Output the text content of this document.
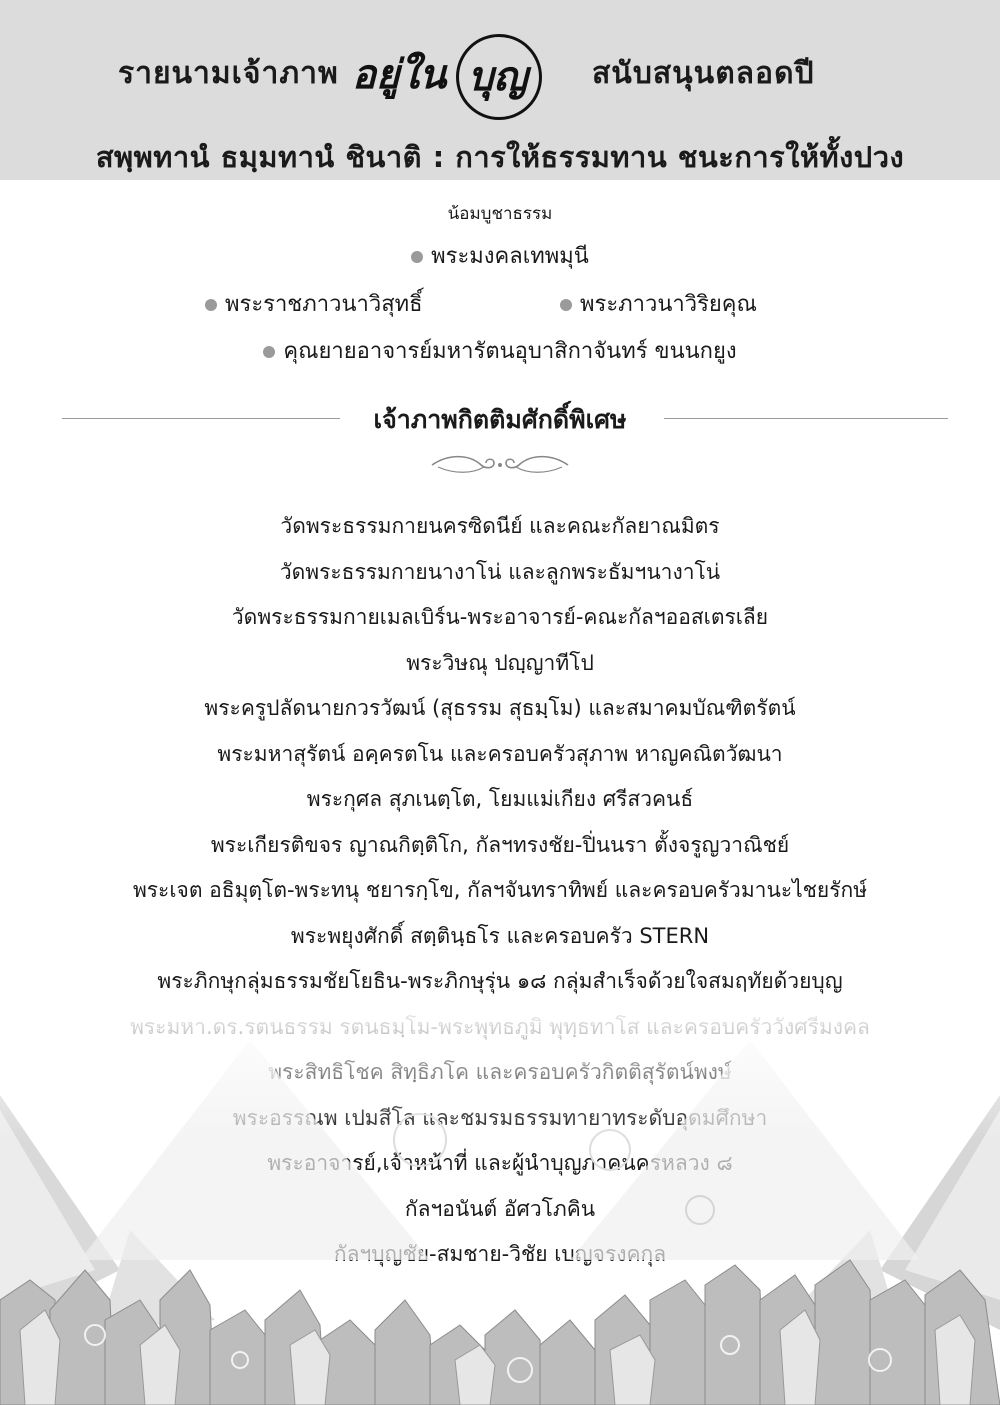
รายนามเจ้าภาพ อยู่ใน บุญ สนับสนุนตลอดปี
สพฺพทานํ ธมฺมทานํ ชินาติ : การให้ธรรมทาน ชนะการให้ทั้งปวง
น้อมบูชาธรรม
พระมงคลเทพมุนี
พระราชภาวนาวิสุทธิ์	พระภาวนาวิริยคุณ
คุณยายอาจารย์มหารัตนอุบาสิกาจันทร์ ขนนกยูง
เจ้าภาพกิตติมศักดิ์พิเศษ
วัดพระธรรมกายนครซิดนีย์ และคณะกัลยาณมิตร
วัดพระธรรมกายนางาโน่ และลูกพระธัมฯนางาโน่
วัดพระธรรมกายเมลเบิร์น-พระอาจารย์-คณะกัลฯออสเตรเลีย
พระวิษณุ ปญฺญาทีโป
พระครูปลัดนายกวรวัฒน์ (สุธรรม สุธมฺโม) และสมาคมบัณฑิตรัตน์
พระมหาสุรัตน์ อคฺครตโน และครอบครัวสุภาพ หาญคณิตวัฒนา
พระกุศล สุภเนตฺโต, โยมแม่เกียง ศรีสวคนธ์
พระเกียรติขจร ญาณกิตฺติโก, กัลฯทรงชัย-ปิ่นนรา ตั้งจรูญวาณิชย์
พระเจต อธิมุตฺโต-พระทนุ ชยารกฺโข, กัลฯจันทราทิพย์ และครอบครัวมานะไชยรักษ์
พระพยุงศักดิ์ สตฺตินฺธโร และครอบครัว STERN
พระภิกษุกลุ่มธรรมชัยโยธิน-พระภิกษุรุ่น ๑๘ กลุ่มสำเร็จด้วยใจสมฤทัยด้วยบุญ
